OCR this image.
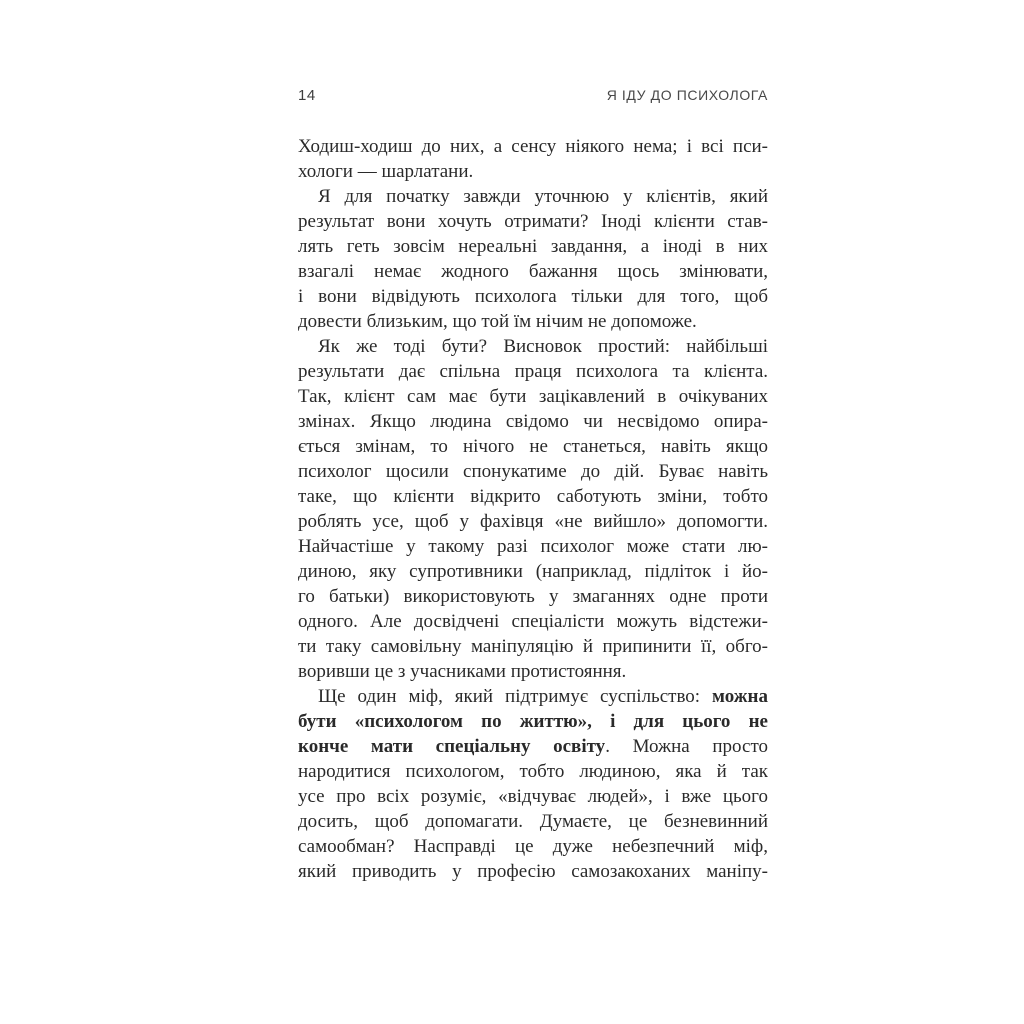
14	Я ІДУ ДО ПСИХОЛОГА
Ходиш-ходиш до них, а сенсу ніякого нема; і всі пси-
хологи — шарлатани.
Я для початку завжди уточнюю у клієнтів, який
результат вони хочуть отримати? Іноді клієнти став-
лять геть зовсім нереальні завдання, а іноді в них
взагалі немає жодного бажання щось змінювати,
і вони відвідують психолога тільки для того, щоб
довести близьким, що той їм нічим не допоможе.
Як же тоді бути? Висновок простий: найбільші
результати дає спільна праця психолога та клієнта.
Так, клієнт сам має бути зацікавлений в очікуваних
змінах. Якщо людина свідомо чи несвідомо опира-
ється змінам, то нічого не станеться, навіть якщо
психолог щосили спонукатиме до дій. Буває навіть
таке, що клієнти відкрито саботують зміни, тобто
роблять усе, щоб у фахівця «не вийшло» допомогти.
Найчастіше у такому разі психолог може стати лю-
диною, яку супротивники (наприклад, підліток і йо-
го батьки) використовують у змаганнях одне проти
одного. Але досвідчені спеціалісти можуть відстежи-
ти таку самовільну маніпуляцію й припинити її, обго-
воривши це з учасниками протистояння.
Ще один міф, який підтримує суспільство: можна
бути «психологом по життю», і для цього не
конче мати спеціальну освіту. Можна просто
народитися психологом, тобто людиною, яка й так
усе про всіх розуміє, «відчуває людей», і вже цього
досить, щоб допомагати. Думаєте, це безневинний
самообман? Насправді це дуже небезпечний міф,
який приводить у професію самозакоханих маніпу-
